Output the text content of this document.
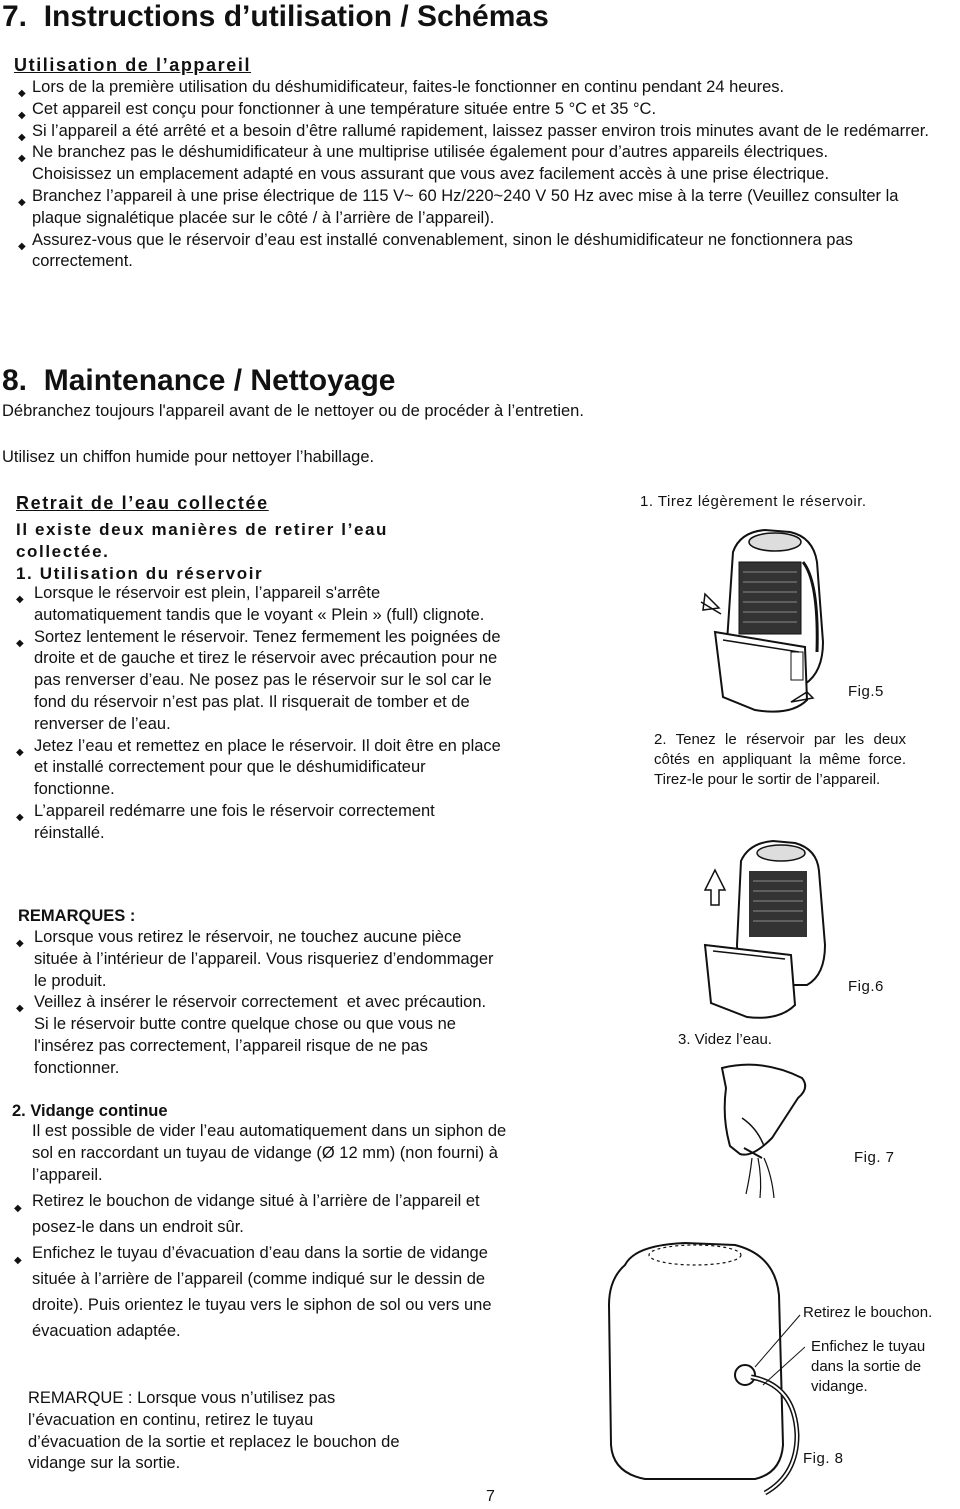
7.  Instructions d’utilisation / Schémas
Utilisation de l’appareil
◆ Lors de la première utilisation du déshumidificateur, faites-le fonctionner en continu pendant 24 heures.
◆ Cet appareil est conçu pour fonctionner à une température située entre 5 °C et 35 °C.
◆ Si l’appareil a été arrêté et a besoin d’être rallumé rapidement, laissez passer environ trois minutes avant de le redémarrer.
◆ Ne branchez pas le déshumidificateur à une multiprise utilisée également pour d’autres appareils électriques.
Choisissez un emplacement adapté en vous assurant que vous avez facilement accès à une prise électrique.
◆ Branchez l’appareil à une prise électrique de 115 V~ 60 Hz/220~240 V 50 Hz avec mise à la terre (Veuillez consulter la plaque signalétique placée sur le côté / à l’arrière de l’appareil).
◆ Assurez-vous que le réservoir d’eau est installé convenablement, sinon le déshumidificateur ne fonctionnera pas correctement.
8. Maintenance / Nettoyage
Débranchez toujours l'appareil avant de le nettoyer ou de procéder à l’entretien.
Utilisez un chiffon humide pour nettoyer l’habillage.
Retrait de l’eau collectée
Il existe deux manières de retirer l’eau collectée.
1. Utilisation du réservoir
◆ Lorsque le réservoir est plein, l’appareil s'arrête automatiquement tandis que le voyant « Plein » (full) clignote.
◆ Sortez lentement le réservoir. Tenez fermement les poignées de droite et de gauche et tirez le réservoir avec précaution pour ne pas renverser d’eau. Ne posez pas le réservoir sur le sol car le fond du réservoir n’est pas plat. Il risquerait de tomber et de renverser de l’eau.
◆ Jetez l’eau et remettez en place le réservoir. Il doit être en place et installé correctement pour que le déshumidificateur fonctionne.
◆ L’appareil redémarre une fois le réservoir correctement réinstallé.
REMARQUES :
◆ Lorsque vous retirez le réservoir, ne touchez aucune pièce située à l’intérieur de l’appareil. Vous risqueriez d’endommager le produit.
◆ Veillez à insérer le réservoir correctement  et avec précaution. Si le réservoir butte contre quelque chose ou que vous ne l'insérez pas correctement, l’appareil risque de ne pas fonctionner.
2. Vidange continue
Il est possible de vider l’eau automatiquement dans un siphon de sol en raccordant un tuyau de vidange (Ø 12 mm) (non fourni) à l’appareil.
◆ Retirez le bouchon de vidange situé à l’arrière de l’appareil et posez-le dans un endroit sûr.
◆ Enfichez le tuyau d’évacuation d’eau dans la sortie de vidange située à l’arrière de l’appareil (comme indiqué sur le dessin de droite). Puis orientez le tuyau vers le siphon de sol ou vers une évacuation adaptée.
REMARQUE : Lorsque vous n’utilisez pas l’évacuation en continu, retirez le tuyau d’évacuation de la sortie et replacez le bouchon de vidange sur la sortie.
1. Tirez légèrement le réservoir.
Fig.5
2. Tenez le réservoir par les deux côtés en appliquant la même force. Tirez-le pour le sortir de l’appareil.
Fig.6
3. Videz l’eau.
Fig. 7
Retirez le bouchon.
Enfichez le tuyau dans la sortie de vidange.
Fig. 8
7
